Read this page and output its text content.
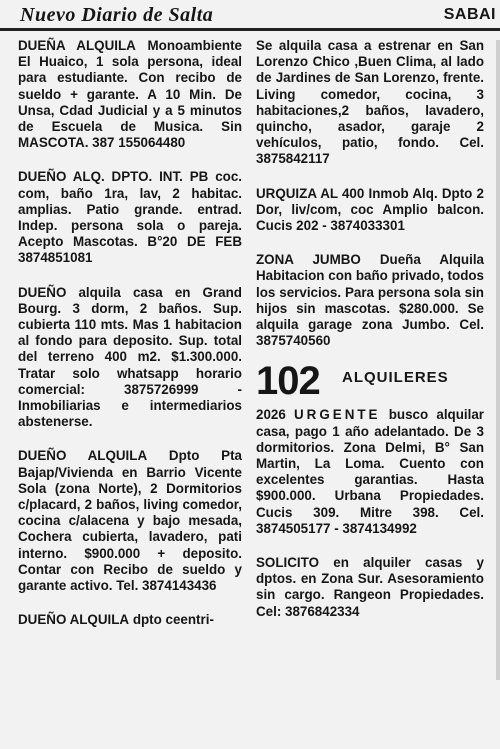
Nuevo Diario de Salta	SABAI

DUEÑA ALQUILA Monoambiente El Huaico, 1 sola persona, ideal para estudiante. Con recibo de sueldo + garante. A 10 Min. De Unsa, Cdad Judicial y a 5 minutos de Escuela de Musica. Sin MASCOTA. 387 155064480

DUEÑO ALQ. DPTO. INT. PB coc. com, baño 1ra, lav, 2 habitac. amplias. Patio grande. entrad. Indep. persona sola o pareja. Acepto Mascotas. B°20 DE FEB 3874851081

DUEÑO alquila casa en Grand Bourg. 3 dorm, 2 baños. Sup. cubierta 110 mts. Mas 1 habitacion al fondo para deposito. Sup. total del terreno 400 m2. $1.300.000. Tratar solo whatsapp horario comercial: 3875726999 - Inmobiliarias e intermediarios abstenerse.

DUEÑO ALQUILA Dpto Pta Bajap/Vivienda en Barrio Vicente Sola (zona Norte), 2 Dormitorios c/placard, 2 baños, living comedor, cocina c/alacena y bajo mesada, Cochera cubierta, lavadero, pati interno. $900.000 + deposito. Contar con Recibo de sueldo y garante activo. Tel. 3874143436

DUEÑO ALQUILA dpto ceentri-

Se alquila casa a estrenar en San Lorenzo Chico ,Buen Clima, al lado de Jardines de San Lorenzo, frente. Living comedor, cocina, 3 habitaciones,2 baños, lavadero, quincho, asador, garaje 2 vehículos, patio, fondo. Cel. 3875842117

URQUIZA AL 400 Inmob Alq. Dpto 2 Dor, liv/com, coc Amplio balcon. Cucis 202 - 3874033301

ZONA JUMBO Dueña Alquila Habitacion con baño privado, todos los servicios. Para persona sola sin hijos sin mascotas. $280.000. Se alquila garage zona Jumbo. Cel. 3875740560

102 ALQUILERES

2026 URGENTE busco alquilar casa, pago 1 año adelantado. De 3 dormitorios. Zona Delmi, B° San Martin, La Loma. Cuento con excelentes garantias. Hasta $900.000. Urbana Propiedades. Cucis 309. Mitre 398. Cel. 3874505177 - 3874134992

SOLICITO en alquiler casas y dptos. en Zona Sur. Asesoramiento sin cargo. Rangeon Propiedades. Cel: 3876842334
